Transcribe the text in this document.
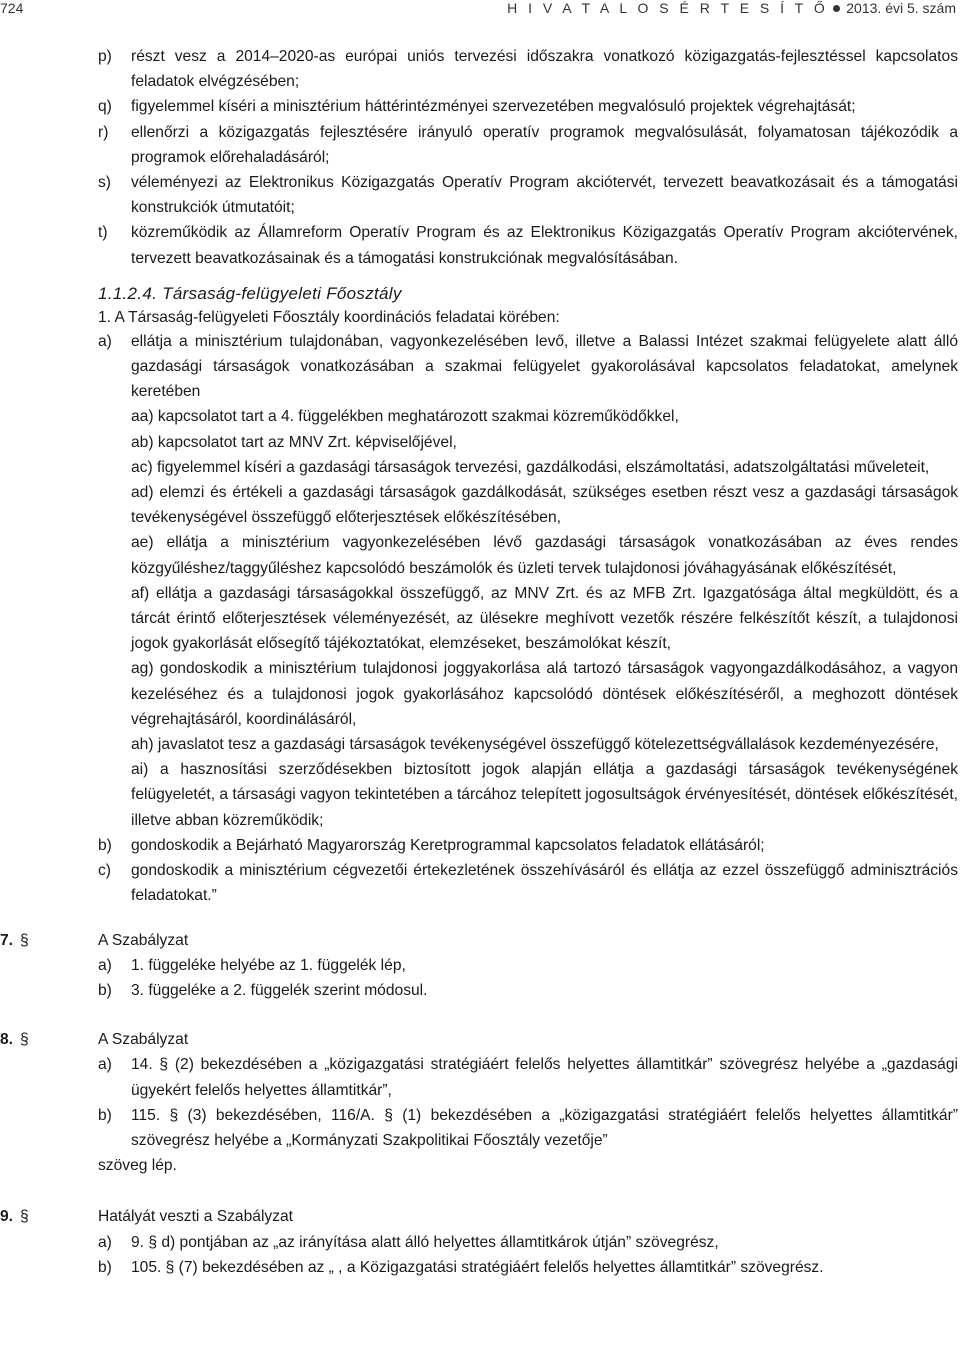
724	H I V A T A L O S É R T E S Í T Ő 2013. évi 5. szám
p) részt vesz a 2014–2020-as európai uniós tervezési időszakra vonatkozó közigazgatás-fejlesztéssel kapcsolatos feladatok elvégzésében;
q) figyelemmel kíséri a minisztérium háttérintézményei szervezetében megvalósuló projektek végrehajtását;
r) ellenőrzi a közigazgatás fejlesztésére irányuló operatív programok megvalósulását, folyamatosan tájékozódik a programok előrehaladásáról;
s) véleményezi az Elektronikus Közigazgatás Operatív Program akciótervét, tervezett beavatkozásait és a támogatási konstrukciók útmutatóit;
t) közreműködik az Államreform Operatív Program és az Elektronikus Közigazgatás Operatív Program akciótervének, tervezett beavatkozásainak és a támogatási konstrukciónak megvalósításában.
1.1.2.4. Társaság-felügyeleti Főosztály
1. A Társaság-felügyeleti Főosztály koordinációs feladatai körében:
a) ellátja a minisztérium tulajdonában, vagyonkezelésében levő, illetve a Balassi Intézet szakmai felügyelete alatt álló gazdasági társaságok vonatkozásában a szakmai felügyelet gyakorolásával kapcsolatos feladatokat, amelynek keretében
aa) kapcsolatot tart a 4. függelékben meghatározott szakmai közreműködőkkel,
ab) kapcsolatot tart az MNV Zrt. képviselőjével,
ac) figyelemmel kíséri a gazdasági társaságok tervezési, gazdálkodási, elszámoltatási, adatszolgáltatási műveleteit,
ad) elemzi és értékeli a gazdasági társaságok gazdálkodását, szükséges esetben részt vesz a gazdasági társaságok tevékenységével összefüggő előterjesztések előkészítésében,
ae) ellátja a minisztérium vagyonkezelésében lévő gazdasági társaságok vonatkozásában az éves rendes közgyűléshez/taggyűléshez kapcsolódó beszámolók és üzleti tervek tulajdonosi jóváhagyásának előkészítését,
af) ellátja a gazdasági társaságokkal összefüggő, az MNV Zrt. és az MFB Zrt. Igazgatósága által megküldött, és a tárcát érintő előterjesztések véleményezését, az ülésekre meghívott vezetők részére felkészítőt készít, a tulajdonosi jogok gyakorlását elősegítő tájékoztatókat, elemzéseket, beszámolókat készít,
ag) gondoskodik a minisztérium tulajdonosi joggyakorlása alá tartozó társaságok vagyongazdálkodásához, a vagyon kezeléséhez és a tulajdonosi jogok gyakorlásához kapcsolódó döntések előkészítéséről, a meghozott döntések végrehajtásáról, koordinálásáról,
ah) javaslatot tesz a gazdasági társaságok tevékenységével összefüggő kötelezettségvállalások kezdeményezésére,
ai) a hasznosítási szerződésekben biztosított jogok alapján ellátja a gazdasági társaságok tevékenységének felügyeletét, a társasági vagyon tekintetében a tárcához telepített jogosultságok érvényesítését, döntések előkészítését, illetve abban közreműködik;
b) gondoskodik a Bejárható Magyarország Keretprogrammal kapcsolatos feladatok ellátásáról;
c) gondoskodik a minisztérium cégvezetői értekezletének összehívásáról és ellátja az ezzel összefüggő adminisztrációs feladatokat.”
7. §	A Szabályzat
a) 1. függeléke helyébe az 1. függelék lép,
b) 3. függeléke a 2. függelék szerint módosul.
8. §	A Szabályzat
a) 14. § (2) bekezdésében a „közigazgatási stratégiáért felelős helyettes államtitkár” szövegrész helyébe a „gazdasági ügyekért felelős helyettes államtitkár”,
b) 115. § (3) bekezdésében, 116/A. § (1) bekezdésében a „közigazgatási stratégiáért felelős helyettes államtitkár” szövegrész helyébe a „Kormányzati Szakpolitikai Főosztály vezetője”
szöveg lép.
9. §	Hatályát veszti a Szabályzat
a) 9. § d) pontjában az „az irányítása alatt álló helyettes államtitkárok útján” szövegrész,
b) 105. § (7) bekezdésében az „ , a Közigazgatási stratégiáért felelős helyettes államtitkár” szövegrész.
